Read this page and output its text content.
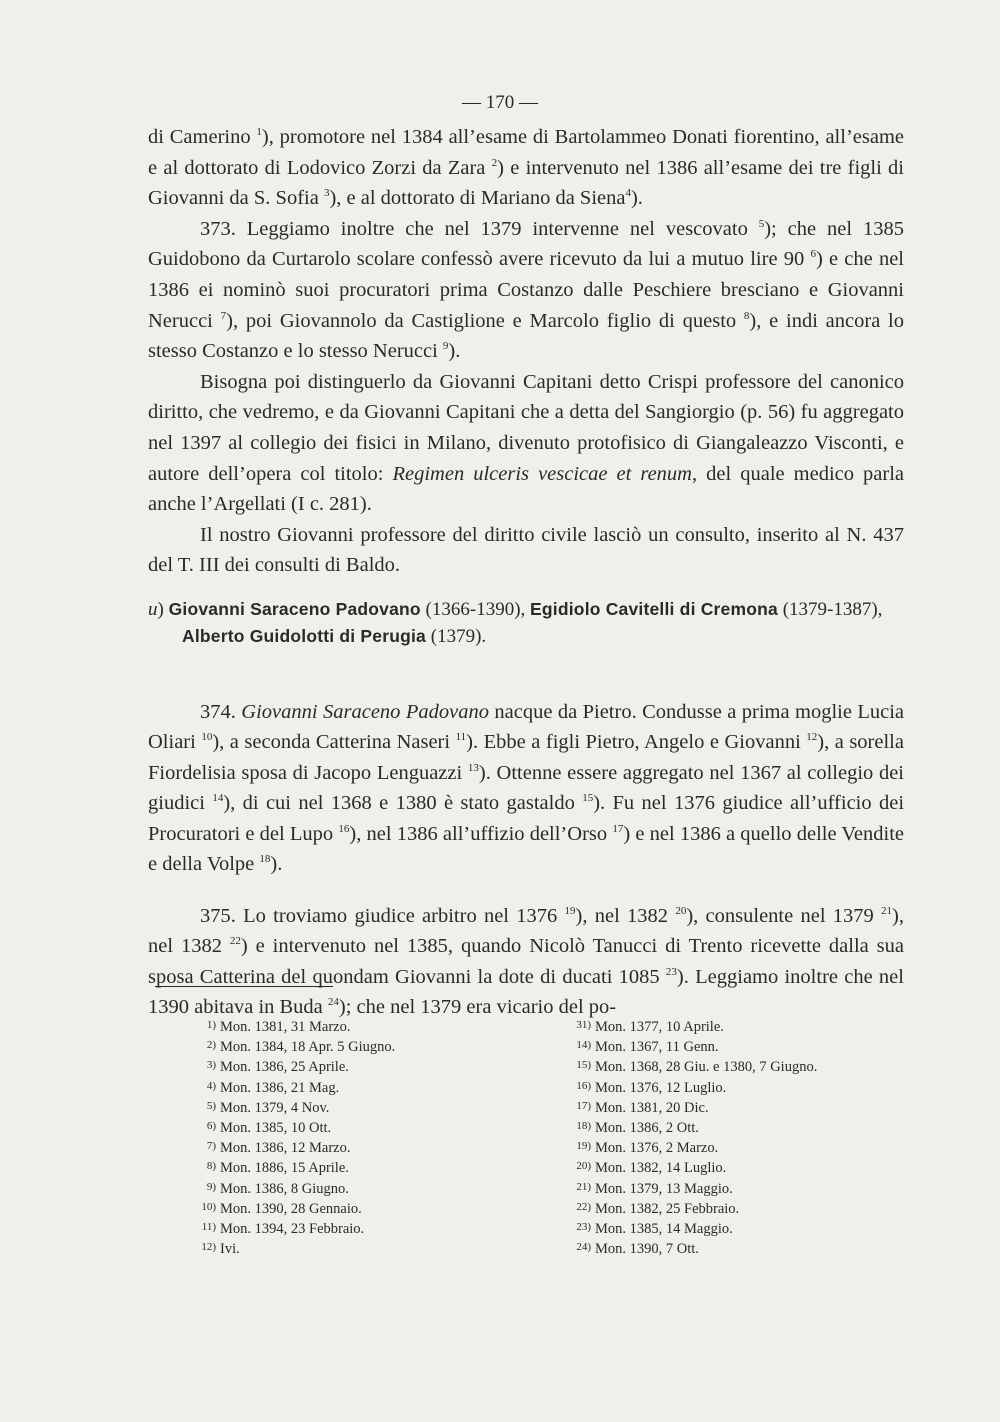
— 170 —

di Camerino $^1$), promotore nel 1384 all’esame di Bartolammeo Donati fiorentino, all’esame e al dottorato di Lodovico Zorzi da Zara $^2$) e intervenuto nel 1386 all’esame dei tre figli di Giovanni da S. Sofia $^3$), e al dottorato di Mariano da Siena$^4$).

373. Leggiamo inoltre che nel 1379 intervenne nel vescovato $^5$); che nel 1385 Guidobono da Curtarolo scolare confessò avere ricevuto da lui a mutuo lire 90 $^6$) e che nel 1386 ei nominò suoi procuratori prima Costanzo dalle Peschiere bresciano e Giovanni Nerucci $^7$), poi Giovannolo da Castiglione e Marcolo figlio di questo $^8$), e indi ancora lo stesso Costanzo e lo stesso Nerucci $^9$).

Bisogna poi distinguerlo da Giovanni Capitani detto Crispi professore del canonico diritto, che vedremo, e da Giovanni Capitani che a detta del Sangiorgio (p. 56) fu aggregato nel 1397 al collegio dei fisici in Milano, divenuto protofisico di Giangaleazzo Visconti, e autore dell’opera col titolo: Regimen ulceris vescicae et renum, del quale medico parla anche l’Argellati (I c. 281).

Il nostro Giovanni professore del diritto civile lasciò un consulto, inserito al N. 437 del T. III dei consulti di Baldo.

u) Giovanni Saraceno Padovano (1366-1390), Egidiolo Cavitelli di Cremona (1379-1387),
Alberto Guidolotti di Perugia (1379).

374. Giovanni Saraceno Padovano nacque da Pietro. Condusse a prima moglie Lucia Oliari $^{10}$), a seconda Catterina Naseri $^{11}$). Ebbe a figli Pietro, Angelo e Giovanni $^{12}$), a sorella Fiordelisia sposa di Jacopo Lenguazzi $^{13}$). Ottenne essere aggregato nel 1367 al collegio dei giudici $^{14}$), di cui nel 1368 e 1380 è stato gastaldo $^{15}$). Fu nel 1376 giudice all’ufficio dei Procuratori e del Lupo $^{16}$), nel 1386 all’uffizio dell’Orso $^{17}$) e nel 1386 a quello delle Vendite e della Volpe $^{18}$).

375. Lo troviamo giudice arbitro nel 1376 $^{19}$), nel 1382 $^{20}$), consulente nel 1379 $^{21}$), nel 1382 $^{22}$) e intervenuto nel 1385, quando Nicolò Tanucci di Trento ricevette dalla sua sposa Catterina del quondam Giovanni la dote di ducati 1085 $^{23}$). Leggiamo inoltre che nel 1390 abitava in Buda $^{24}$); che nel 1379 era vicario del po-

1) Mon. 1381, 31 Marzo.
2) Mon. 1384, 18 Apr. 5 Giugno.
3) Mon. 1386, 25 Aprile.
4) Mon. 1386, 21 Mag.
5) Mon. 1379, 4 Nov.
6) Mon. 1385, 10 Ott.
7) Mon. 1386, 12 Marzo.
8) Mon. 1886, 15 Aprile.
9) Mon. 1386, 8 Giugno.
10) Mon. 1390, 28 Gennaio.
11) Mon. 1394, 23 Febbraio.
12) Ivi.
31) Mon. 1377, 10 Aprile.
14) Mon. 1367, 11 Genn.
15) Mon. 1368, 28 Giu. e 1380, 7 Giugno.
16) Mon. 1376, 12 Luglio.
17) Mon. 1381, 20 Dic.
18) Mon. 1386, 2 Ott.
19) Mon. 1376, 2 Marzo.
20) Mon. 1382, 14 Luglio.
21) Mon. 1379, 13 Maggio.
22) Mon. 1382, 25 Febbraio.
23) Mon. 1385, 14 Maggio.
24) Mon. 1390, 7 Ott.
